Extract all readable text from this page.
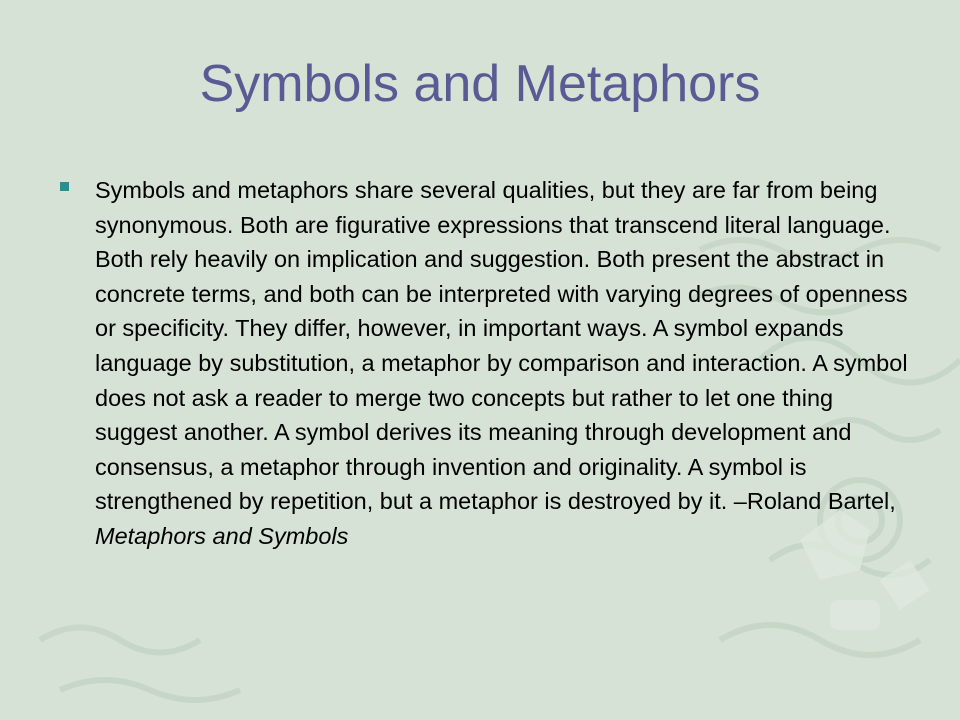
Symbols and Metaphors

Symbols and metaphors share several qualities, but they are far from being synonymous. Both are figurative expressions that transcend literal language. Both rely heavily on implication and suggestion. Both present the abstract in concrete terms, and both can be interpreted with varying degrees of openness or specificity. They differ, however, in important ways. A symbol expands language by substitution, a metaphor by comparison and interaction. A symbol does not ask a reader to merge two concepts but rather to let one thing suggest another. A symbol derives its meaning through development and consensus, a metaphor through invention and originality. A symbol is strengthened by repetition, but a metaphor is destroyed by it. –Roland Bartel, Metaphors and Symbols
